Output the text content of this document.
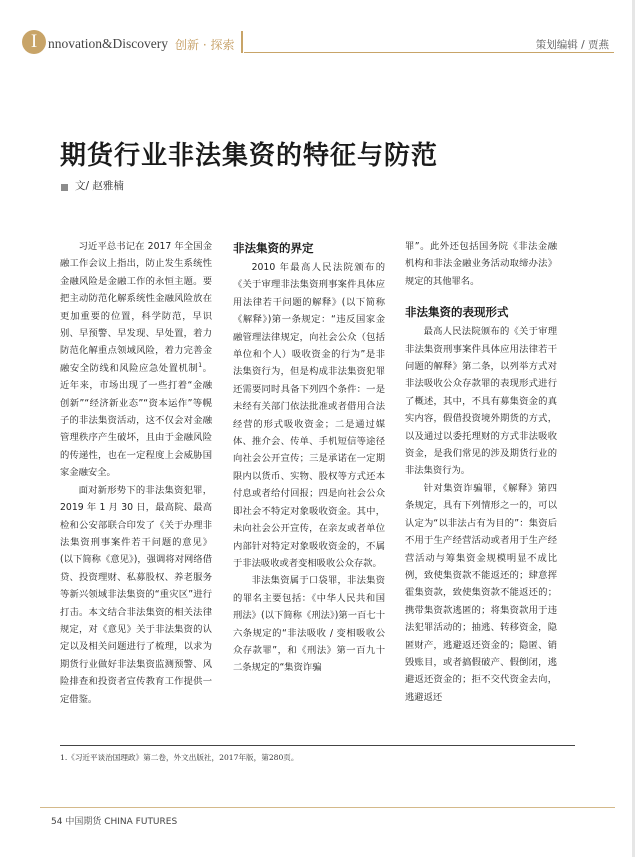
I nnovation&Discovery 创新 · 探索	策划编辑 / 贾燕
期货行业非法集资的特征与防范
文/ 赵雅楠

习近平总书记在 2017 年全国金融工作会议上指出，防止发生系统性金融风险是金融工作的永恒主题。要把主动防范化解系统性金融风险放在更加重要的位置，科学防范，早识别、早预警、早发现、早处置，着力防范化解重点领域风险，着力完善金融安全防线和风险应急处置机制$^1$。近年来，市场出现了一些打着“金融创新”“经济新业态”“资本运作”等幌子的非法集资活动，这不仅会对金融管理秩序产生破坏，且由于金融风险的传递性，也在一定程度上会威胁国家金融安全。

面对新形势下的非法集资犯罪，2019 年 1 月 30 日，最高院、最高检和公安部联合印发了《关于办理非法集资刑事案件若干问题的意见》(以下简称《意见》)，强调将对网络借贷、投资理财、私募股权、养老服务等新兴领域非法集资的“重灾区”进行打击。本文结合非法集资的相关法律规定，对《意见》关于非法集资的认定以及相关问题进行了梳理，以求为期货行业做好非法集资监测预警、风险排查和投资者宣传教育工作提供一定借鉴。

非法集资的界定

2010 年最高人民法院颁布的《关于审理非法集资刑事案件具体应用法律若干问题的解释》(以下简称《解释》)第一条规定：“违反国家金融管理法律规定，向社会公众（包括单位和个人）吸收资金的行为”是非法集资行为，但是构成非法集资犯罪还需要同时具备下列四个条件：一是未经有关部门依法批准或者借用合法经营的形式吸收资金；二是通过媒体、推介会、传单、手机短信等途径向社会公开宣传；三是承诺在一定期限内以货币、实物、股权等方式还本付息或者给付回报；四是向社会公众即社会不特定对象吸收资金。其中，未向社会公开宣传，在亲友或者单位内部针对特定对象吸收资金的，不属于非法吸收或者变相吸收公众存款。

非法集资属于口袋罪，非法集资的罪名主要包括：《中华人民共和国刑法》(以下简称《刑法》)第一百七十六条规定的“非法吸收 / 变相吸收公众存款罪”，和《刑法》第一百九十二条规定的“集资诈骗

罪”。此外还包括国务院《非法金融机构和非法金融业务活动取缔办法》规定的其他罪名。

非法集资的表现形式

最高人民法院颁布的《关于审理非法集资刑事案件具体应用法律若干问题的解释》第二条，以列举方式对非法吸收公众存款罪的表现形式进行了概述，其中，不具有募集资金的真实内容，假借投资境外期货的方式，以及通过以委托理财的方式非法吸收资金，是我们常见的涉及期货行业的非法集资行为。

针对集资诈骗罪，《解释》第四条规定，具有下列情形之一的，可以认定为“以非法占有为目的”：集资后不用于生产经营活动或者用于生产经营活动与筹集资金规模明显不成比例，致使集资款不能返还的；肆意挥霍集资款，致使集资款不能返还的；携带集资款逃匿的；将集资款用于违法犯罪活动的；抽逃、转移资金，隐匿财产，逃避返还资金的；隐匿、销毁账目，或者搞假破产、假倒闭，逃避返还资金的；拒不交代资金去向，逃避返还

1.《习近平谈治国理政》第二卷，外文出版社，2017年版，第280页。
54 中国期货 CHINA FUTURES
